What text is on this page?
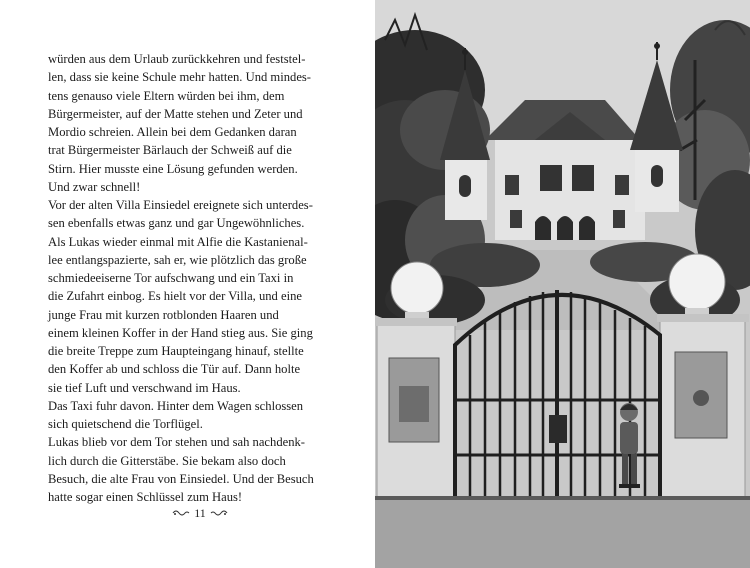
würden aus dem Urlaub zurückkehren und feststel-
len, dass sie keine Schule mehr hatten. Und mindes-
tens genauso viele Eltern würden bei ihm, dem
Bürgermeister, auf der Matte stehen und Zeter und
Mordio schreien. Allein bei dem Gedanken daran
trat Bürgermeister Bärlauch der Schweiß auf die
Stirn. Hier musste eine Lösung gefunden werden.
Und zwar schnell!
Vor der alten Villa Einsiedel ereignete sich unterdes-
sen ebenfalls etwas ganz und gar Ungewöhnliches.
Als Lukas wieder einmal mit Alfie die Kastanienal-
lee entlangspazierte, sah er, wie plötzlich das große
schmiedeeiserne Tor aufschwang und ein Taxi in
die Zufahrt einbog. Es hielt vor der Villa, und eine
junge Frau mit kurzen rotblonden Haaren und
einem kleinen Koffer in der Hand stieg aus. Sie ging
die breite Treppe zum Haupteingang hinauf, stellte
den Koffer ab und schloss die Tür auf. Dann holte
sie tief Luft und verschwand im Haus.
Das Taxi fuhr davon. Hinter dem Wagen schlossen
sich quietschend die Torflügel.
Lukas blieb vor dem Tor stehen und sah nachdenk-
lich durch die Gitterstäbe. Sie bekam also doch
Besuch, die alte Frau von Einsiedel. Und der Besuch
hatte sogar einen Schlüssel zum Haus!
11
